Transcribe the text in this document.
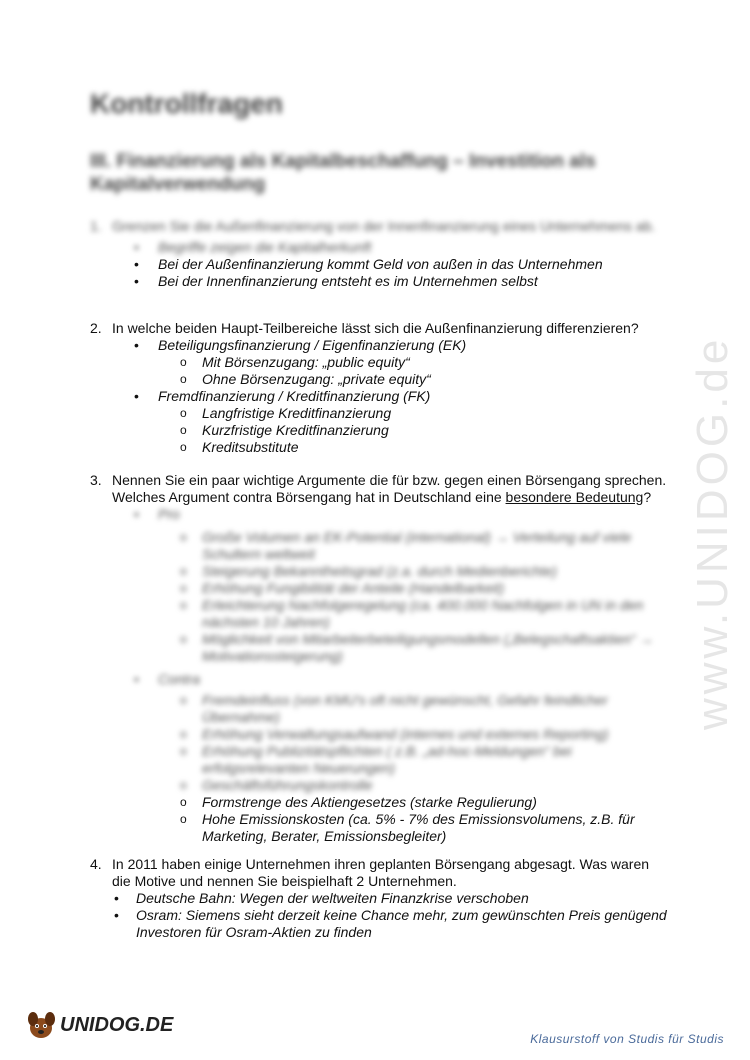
www.UNIDOG.de
Kontrollfragen
III. Finanzierung als Kapitalbeschaffung – Investition als Kapitalverwendung
1. Grenzen Sie die Außenfinanzierung von der Innenfinanzierung eines Unternehmens ab.
• Begriffe zeigen die Kapitalherkunft
• Bei der Außenfinanzierung kommt Geld von außen in das Unternehmen
• Bei der Innenfinanzierung entsteht es im Unternehmen selbst
2. In welche beiden Haupt-Teilbereiche lässt sich die Außenfinanzierung differenzieren?
• Beteiligungsfinanzierung / Eigenfinanzierung (EK)
o Mit Börsenzugang: „public equity“
o Ohne Börsenzugang: „private equity“
• Fremdfinanzierung / Kreditfinanzierung (FK)
o Langfristige Kreditfinanzierung
o Kurzfristige Kreditfinanzierung
o Kreditsubstitute
3. Nennen Sie ein paar wichtige Argumente die für bzw. gegen einen Börsengang sprechen. Welches Argument contra Börsengang hat in Deutschland eine besondere Bedeutung?
• Pro
o Große Volumen an EK-Potential (international) → Verteilung auf viele Schultern weltweit
o Steigerung Bekanntheitsgrad (z.a. durch Medienberichte)
o Erhöhung Fungibilität der Anteile (Handelbarkeit)
o Erleichterung Nachfolgeregelung (ca. 400.000 Nachfolgen in UN in den nächsten 10 Jahren)
o Möglichkeit von Mitarbeiterbeteiligungsmodellen („Belegschaftsaktien“ → Motivationssteigerung)
• Contra
o Fremdeinfluss (von KMU's oft nicht gewünscht, Gefahr feindlicher Übernahme)
o Erhöhung Verwaltungsaufwand (internes und externes Reporting)
o Erhöhung Publizitätspflichten ( z.B. „ad-hoc-Meldungen“ bei erfolgsrelevanten Neuerungen)
o Geschäftsführungskontrolle
o Formstrenge des Aktiengesetzes (starke Regulierung)
o Hohe Emissionskosten (ca. 5% - 7% des Emissionsvolumens, z.B. für Marketing, Berater, Emissionsbegleiter)
4. In 2011 haben einige Unternehmen ihren geplanten Börsengang abgesagt. Was waren die Motive und nennen Sie beispielhaft 2 Unternehmen.
• Deutsche Bahn: Wegen der weltweiten Finanzkrise verschoben
• Osram: Siemens sieht derzeit keine Chance mehr, zum gewünschten Preis genügend Investoren für Osram-Aktien zu finden
UNIDOG.DE
Klausurstoff von Studis für Studis
